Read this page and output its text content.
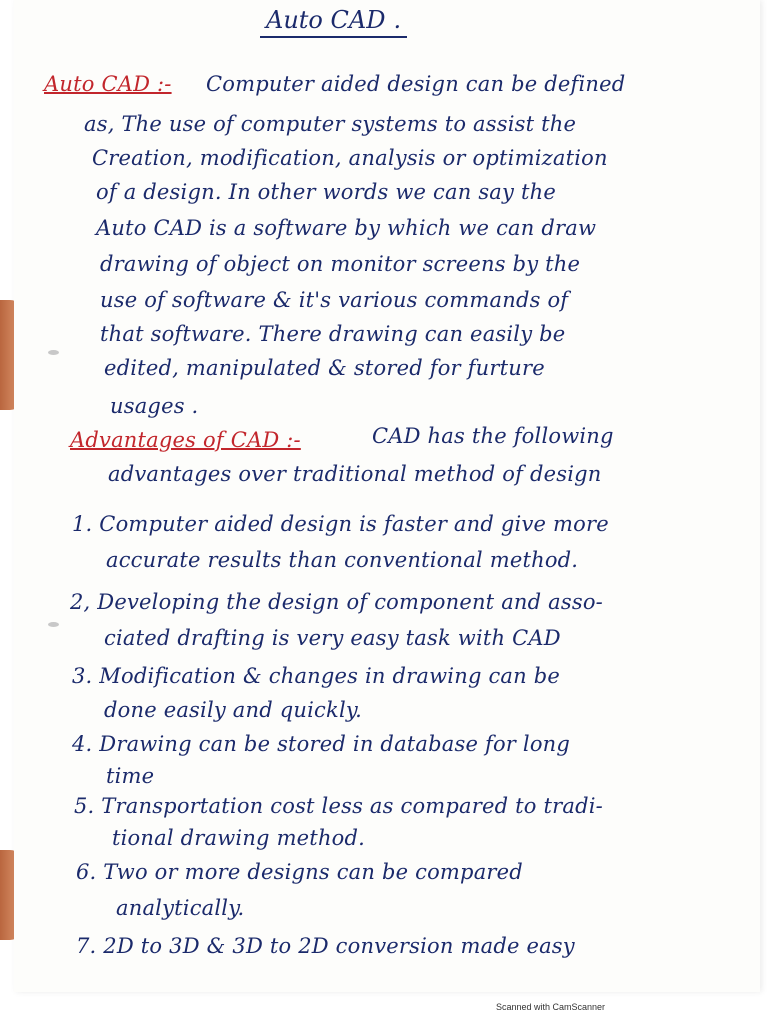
Auto CAD .
Auto CAD :- Computer aided design can be defined
as, The use of computer systems to assist the
Creation, modification, analysis or optimization
of a design. In other words we can say the
Auto CAD is a software by which we can draw
drawing of object on monitor screens by the
use of software & it's various commands of
that software. There drawing can easily be
edited, manipulated & stored for furture
usages .
Advantages of CAD :-	CAD has the following
advantages over traditional method of design
1. Computer aided design is faster and give more
accurate results than conventional method.
2, Developing the design of component and asso-
ciated drafting is very easy task with CAD
3. Modification & changes in drawing can be
done easily and quickly.
4. Drawing can be stored in database for long
time
5. Transportation cost less as compared to tradi-
tional drawing method.
6. Two or more designs can be compared
analytically.
7. 2D to 3D & 3D to 2D conversion made easy
Scanned with CamScanner
